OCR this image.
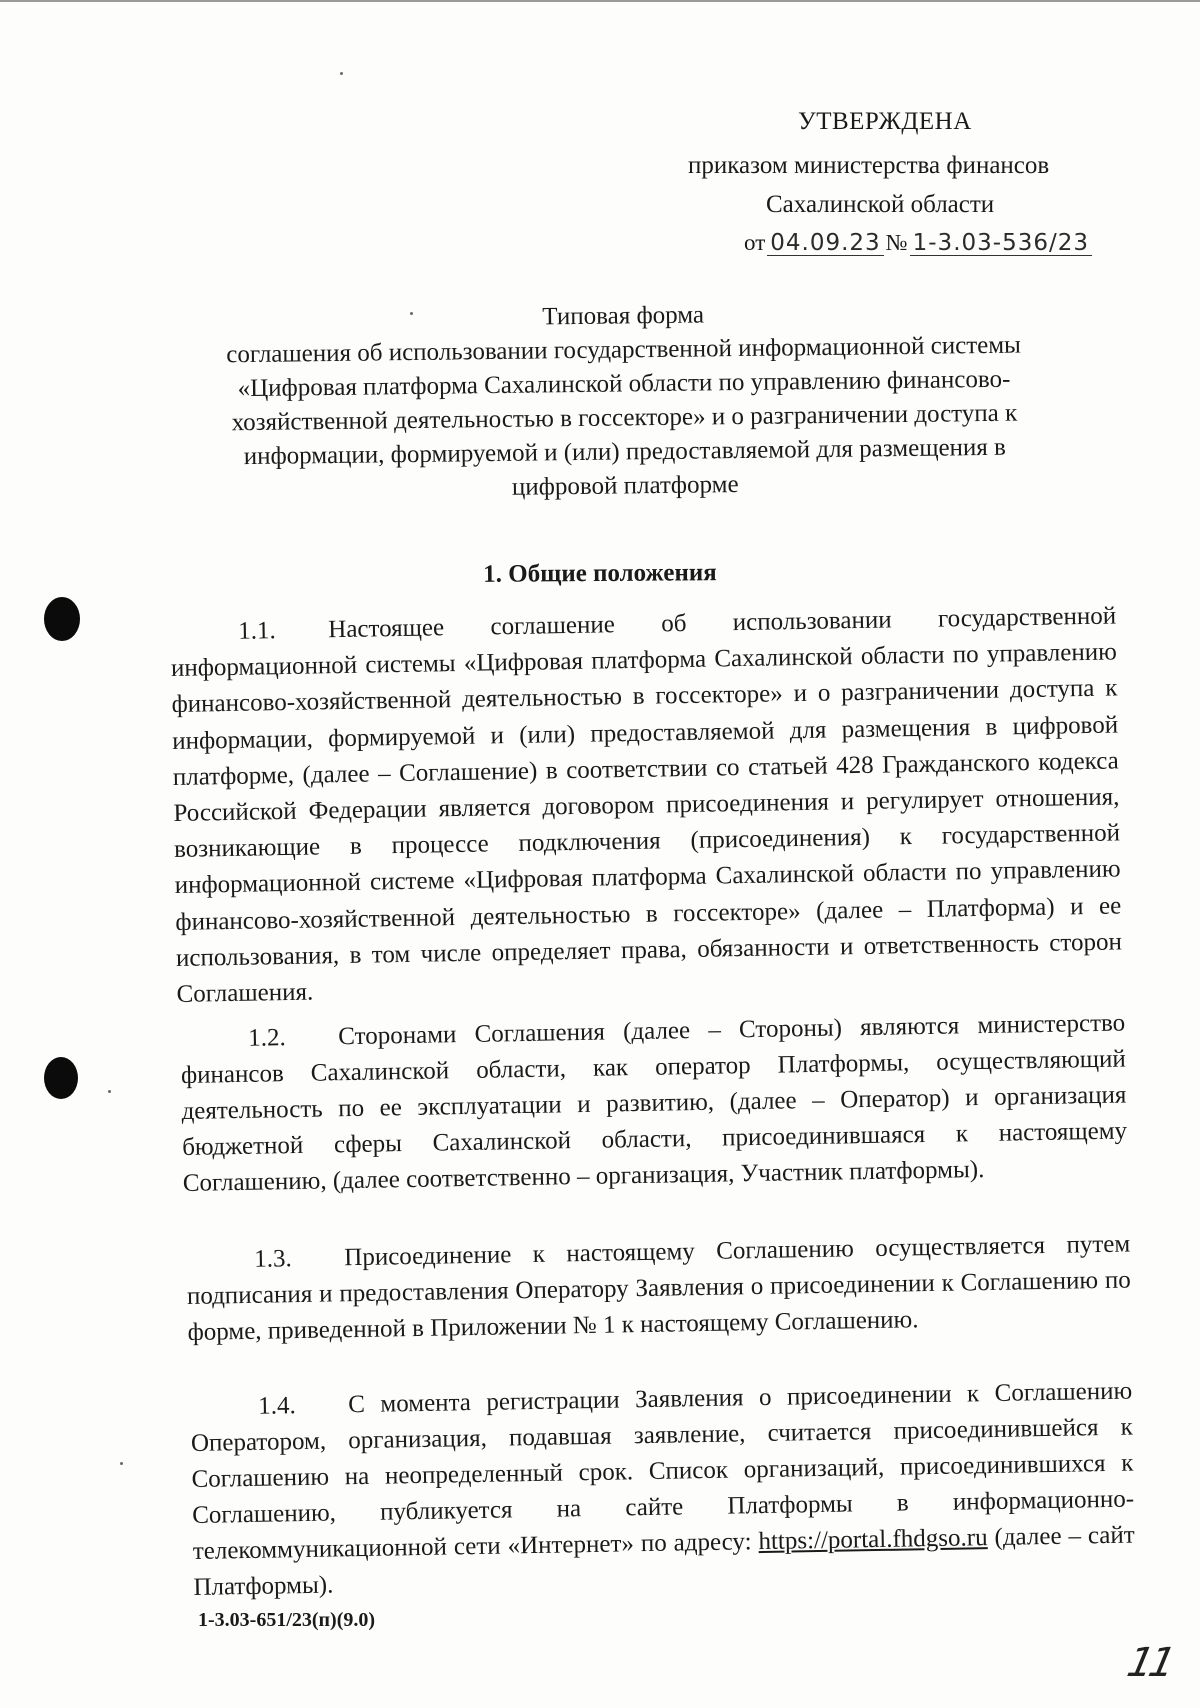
УТВЕРЖДЕНА
приказом министерства финансов
Сахалинской области
от 04.09.23 № 1-3.03-536/23
Типовая форма
соглашения об использовании государственной информационной системы
«Цифровая платформа Сахалинской области по управлению финансово-
хозяйственной деятельностью в госсекторе» и о разграничении доступа к
информации, формируемой и (или) предоставляемой для размещения в
цифровой платформе
1. Общие положения
1.1. Настоящее соглашение об использовании государственной информационной системы «Цифровая платформа Сахалинской области по управлению финансово-хозяйственной деятельностью в госсекторе» и о разграничении доступа к информации, формируемой и (или) предоставляемой для размещения в цифровой платформе, (далее – Соглашение) в соответствии со статьей 428 Гражданского кодекса Российской Федерации является договором присоединения и регулирует отношения, возникающие в процессе подключения (присоединения) к государственной информационной системе «Цифровая платформа Сахалинской области по управлению финансово-хозяйственной деятельностью в госсекторе» (далее – Платформа) и ее использования, в том числе определяет права, обязанности и ответственность сторон Соглашения.
1.2. Сторонами Соглашения (далее – Стороны) являются министерство финансов Сахалинской области, как оператор Платформы, осуществляющий деятельность по ее эксплуатации и развитию, (далее – Оператор) и организация бюджетной сферы Сахалинской области, присоединившаяся к настоящему Соглашению, (далее соответственно – организация, Участник платформы).
1.3. Присоединение к настоящему Соглашению осуществляется путем подписания и предоставления Оператору Заявления о присоединении к Соглашению по форме, приведенной в Приложении № 1 к настоящему Соглашению.
1.4. С момента регистрации Заявления о присоединении к Соглашению Оператором, организация, подавшая заявление, считается присоединившейся к Соглашению на неопределенный срок. Список организаций, присоединившихся к Соглашению, публикуется на сайте Платформы в информационно-телекоммуникационной сети «Интернет» по адресу: https://portal.fhdgso.ru (далее – сайт Платформы).
1-3.03-651/23(п)(9.0)
11
